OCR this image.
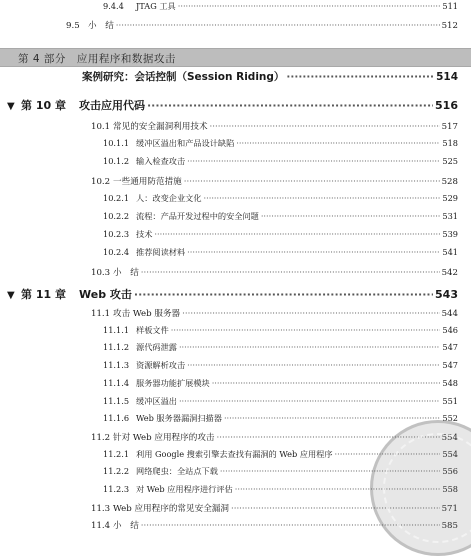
9.4.4	JTAG 工具 ·····	511
9.5 小　结 ·····	512
第 4 部分　应用程序和数据攻击
案例研究：会话控制（Session Riding） ·····	514
▼ 第 10 章	攻击应用代码 ·····	516
10.1 常见的安全漏洞利用技术 ·····	517
10.1.1 缓冲区溢出和产品设计缺陷 ·····	518
10.1.2 输入检查攻击 ·····	525
10.2 一些通用防范措施 ·····	528
10.2.1 人：改变企业文化 ·····	529
10.2.2 流程：产品开发过程中的安全问题 ·····	531
10.2.3 技术 ·····	539
10.2.4 推荐阅读材料 ·····	541
10.3 小　结 ·····	542
▼ 第 11 章	Web 攻击 ·····	543
11.1 攻击 Web 服务器 ·····	544
11.1.1 样板文件 ·····	546
11.1.2 源代码泄露 ·····	547
11.1.3 资源解析攻击 ·····	547
11.1.4 服务器功能扩展模块 ·····	548
11.1.5 缓冲区溢出 ·····	551
11.1.6 Web 服务器漏洞扫描器 ·····	552
11.2 针对 Web 应用程序的攻击 ·····	554
11.2.1 利用 Google 搜索引擎去查找有漏洞的 Web 应用程序 ·····	554
11.2.2 网络爬虫：全站点下载 ·····	556
11.2.3 对 Web 应用程序进行评估 ·····	558
11.3 Web 应用程序的常见安全漏洞 ·····	571
11.4 小　结 ·····	585
